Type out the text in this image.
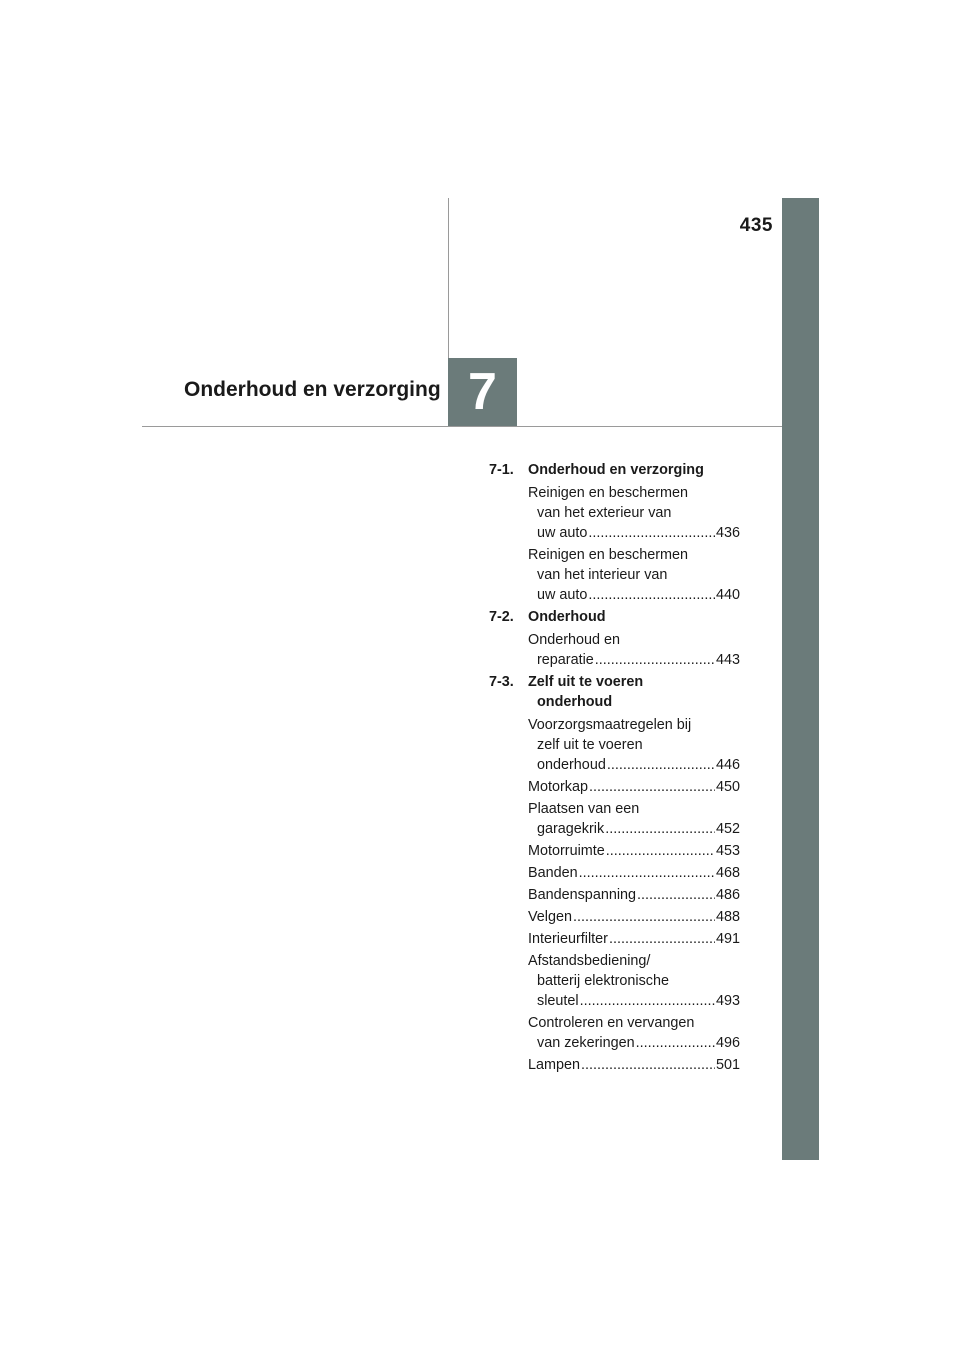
435
Onderhoud en verzorging 7
7-1. Onderhoud en verzorging
Reinigen en beschermen
van het exterieur van
uw auto .....	436
Reinigen en beschermen
van het interieur van
uw auto .....	440
7-2. Onderhoud
Onderhoud en
reparatie .....	443
7-3. Zelf uit te voeren
onderhoud
Voorzorgsmaatregelen bij
zelf uit te voeren
onderhoud .....	446
Motorkap .....	450
Plaatsen van een
garagekrik .....	452
Motorruimte .....	453
Banden .....	468
Bandenspanning .....	486
Velgen .....	488
Interieurfilter .....	491
Afstandsbediening/
batterij elektronische
sleutel .....	493
Controleren en vervangen
van zekeringen .....	496
Lampen .....	501
